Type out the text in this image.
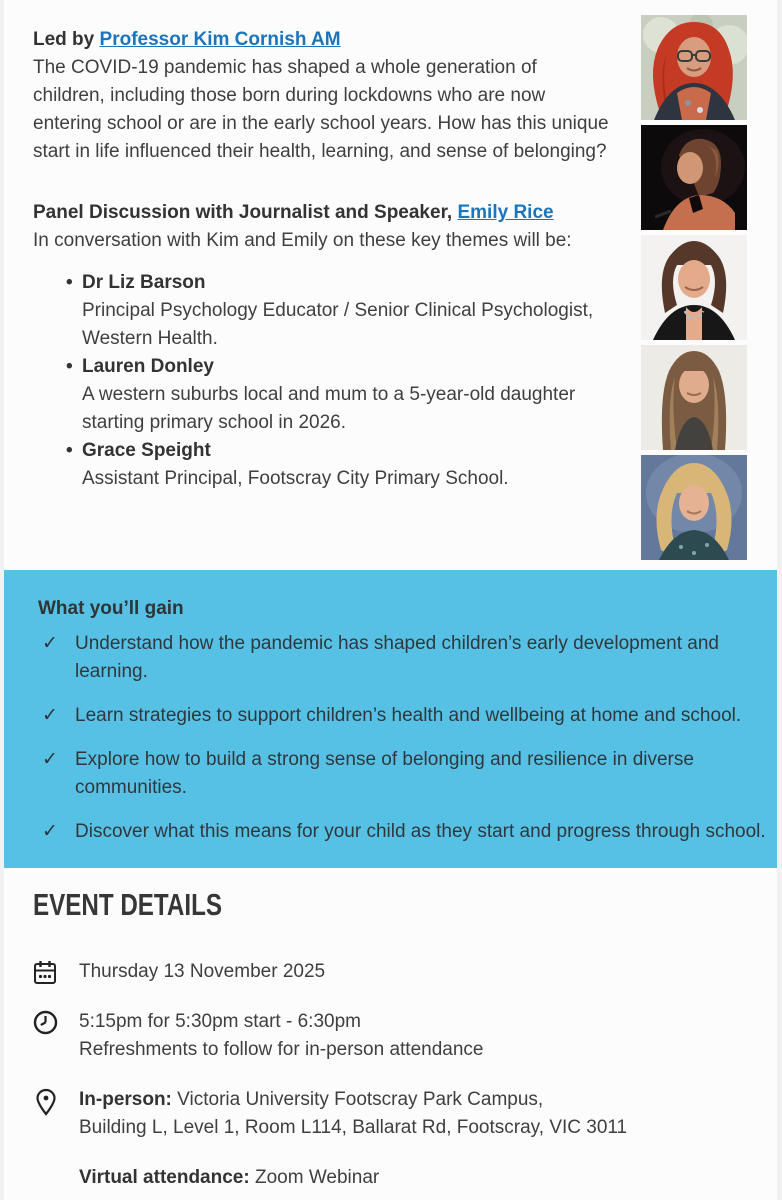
Led by Professor Kim Cornish AM
The COVID-19 pandemic has shaped a whole generation of
children, including those born during lockdowns who are now
entering school or are in the early school years. How has this unique
start in life influenced their health, learning, and sense of belonging?
Panel Discussion with Journalist and Speaker, Emily Rice
In conversation with Kim and Emily on these key themes will be:
• Dr Liz Barson
Principal Psychology Educator / Senior Clinical Psychologist,
Western Health.
• Lauren Donley
A western suburbs local and mum to a 5-year-old daughter
starting primary school in 2026.
• Grace Speight
Assistant Principal, Footscray City Primary School.
What you’ll gain
✓ Understand how the pandemic has shaped children’s early development and
learning.
✓ Learn strategies to support children’s health and wellbeing at home and school.
✓ Explore how to build a strong sense of belonging and resilience in diverse
communities.
✓ Discover what this means for your child as they start and progress through school.
EVENT DETAILS
Thursday 13 November 2025
5:15pm for 5:30pm start - 6:30pm
Refreshments to follow for in-person attendance
In-person: Victoria University Footscray Park Campus,
Building L, Level 1, Room L114, Ballarat Rd, Footscray, VIC 3011
Virtual attendance: Zoom Webinar
